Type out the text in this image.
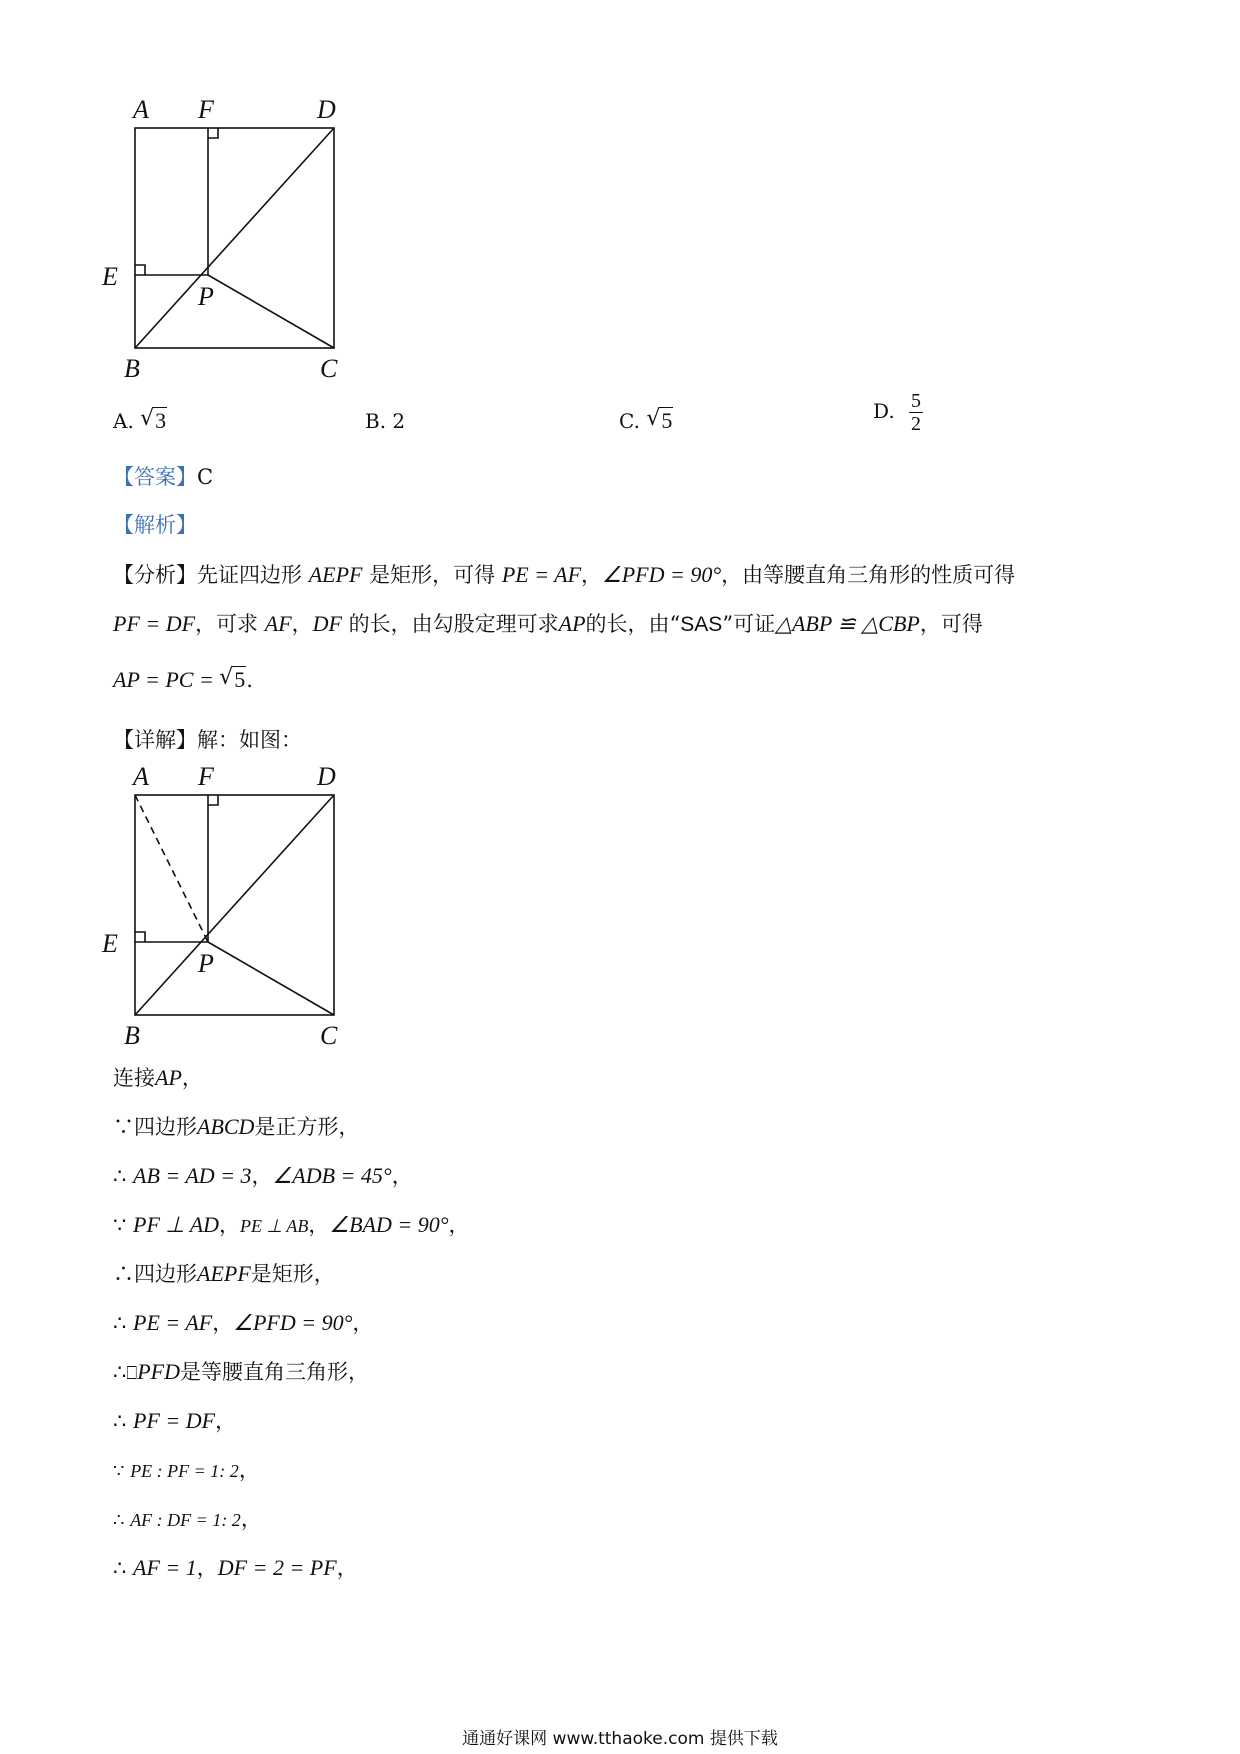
A F	D
E
P
B	C
A. √ 3	B. 2	C. √ 5	D. $\frac{5}{2}$
【答案】C
【解析】
【分析】先证四边形 AEPF 是矩形，可得 PE = AF，∠PFD = 90°，由等腰直角三角形的性质可得
PF = DF，可求 AF，DF 的长，由勾股定理可求AP的长，由“SAS”可证△ABP ≌ △CBP，可得
AP = PC = √ 5.
【详解】解：如图：
A F	D
E
P
B	C
连接AP，
∵四边形ABCD是正方形，
∴ AB = AD = 3，∠ADB = 45°，
∵ PF ⊥ AD，PE ⊥ AB，∠BAD = 90°，
∴四边形AEPF是矩形，
∴ PE = AF，∠PFD = 90°，
∴⎕PFD是等腰直角三角形，
∴ PF = DF，
∵ PE : PF = 1: 2，
∴ AF : DF = 1: 2，
∴ AF = 1，DF = 2 = PF，
通通好课网 www.tthaoke.com 提供下载
